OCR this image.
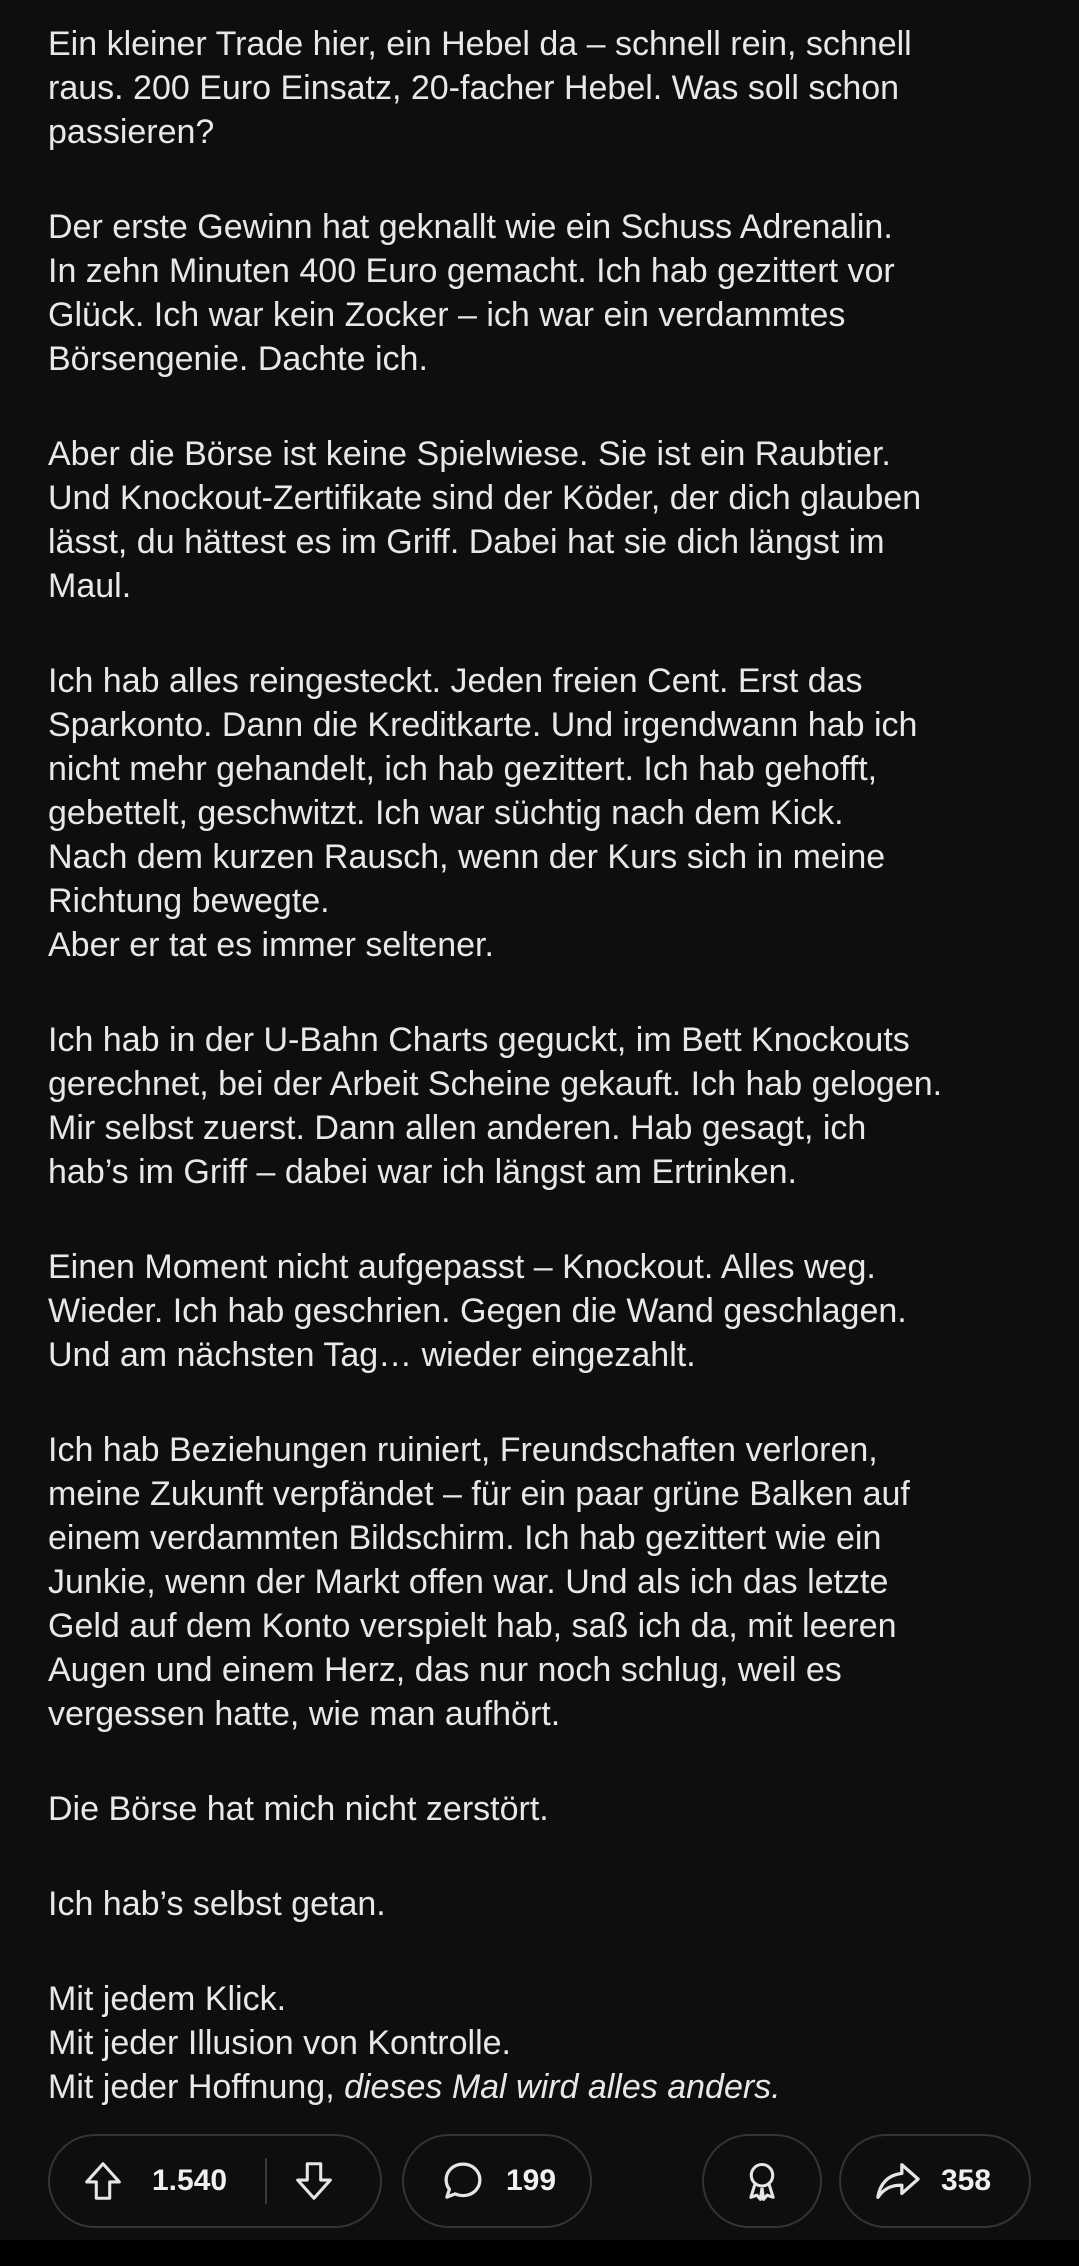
Ein kleiner Trade hier, ein Hebel da – schnell rein, schnell
raus. 200 Euro Einsatz, 20-facher Hebel. Was soll schon
passieren?

Der erste Gewinn hat geknallt wie ein Schuss Adrenalin.
In zehn Minuten 400 Euro gemacht. Ich hab gezittert vor
Glück. Ich war kein Zocker – ich war ein verdammtes
Börsengenie. Dachte ich.

Aber die Börse ist keine Spielwiese. Sie ist ein Raubtier.
Und Knockout-Zertifikate sind der Köder, der dich glauben
lässt, du hättest es im Griff. Dabei hat sie dich längst im
Maul.

Ich hab alles reingesteckt. Jeden freien Cent. Erst das
Sparkonto. Dann die Kreditkarte. Und irgendwann hab ich
nicht mehr gehandelt, ich hab gezittert. Ich hab gehofft,
gebettelt, geschwitzt. Ich war süchtig nach dem Kick.
Nach dem kurzen Rausch, wenn der Kurs sich in meine
Richtung bewegte.
Aber er tat es immer seltener.

Ich hab in der U-Bahn Charts geguckt, im Bett Knockouts
gerechnet, bei der Arbeit Scheine gekauft. Ich hab gelogen.
Mir selbst zuerst. Dann allen anderen. Hab gesagt, ich
hab’s im Griff – dabei war ich längst am Ertrinken.

Einen Moment nicht aufgepasst – Knockout. Alles weg.
Wieder. Ich hab geschrien. Gegen die Wand geschlagen.
Und am nächsten Tag… wieder eingezahlt.

Ich hab Beziehungen ruiniert, Freundschaften verloren,
meine Zukunft verpfändet – für ein paar grüne Balken auf
einem verdammten Bildschirm. Ich hab gezittert wie ein
Junkie, wenn der Markt offen war. Und als ich das letzte
Geld auf dem Konto verspielt hab, saß ich da, mit leeren
Augen und einem Herz, das nur noch schlug, weil es
vergessen hatte, wie man aufhört.

Die Börse hat mich nicht zerstört.

Ich hab’s selbst getan.

Mit jedem Klick.
Mit jeder Illusion von Kontrolle.
Mit jeder Hoffnung, dieses Mal wird alles anders.

1.540	199	358
